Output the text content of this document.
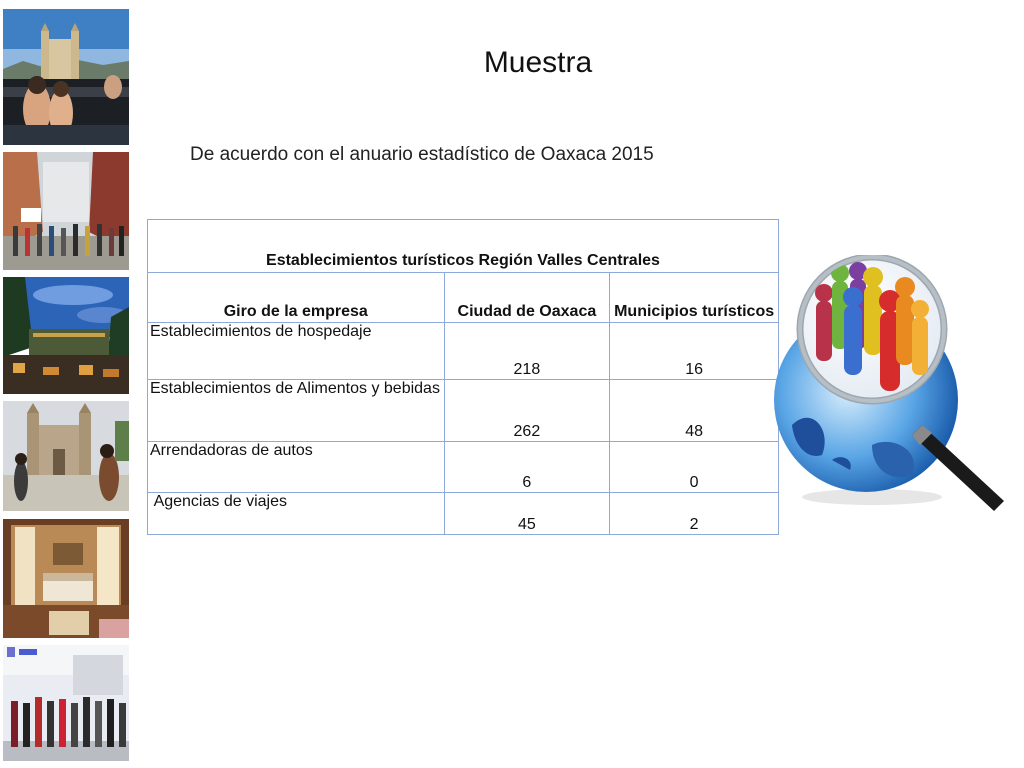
Muestra
De acuerdo con el anuario estadístico de Oaxaca 2015
Establecimientos turísticos Región Valles Centrales		
Giro de la empresa	Ciudad de Oaxaca	Municipios turísticos
Establecimientos de hospedaje	218	16
Establecimientos de Alimentos y bebidas	262	48
Arrendadoras de autos	6	0
Agencias de viajes	45	2
